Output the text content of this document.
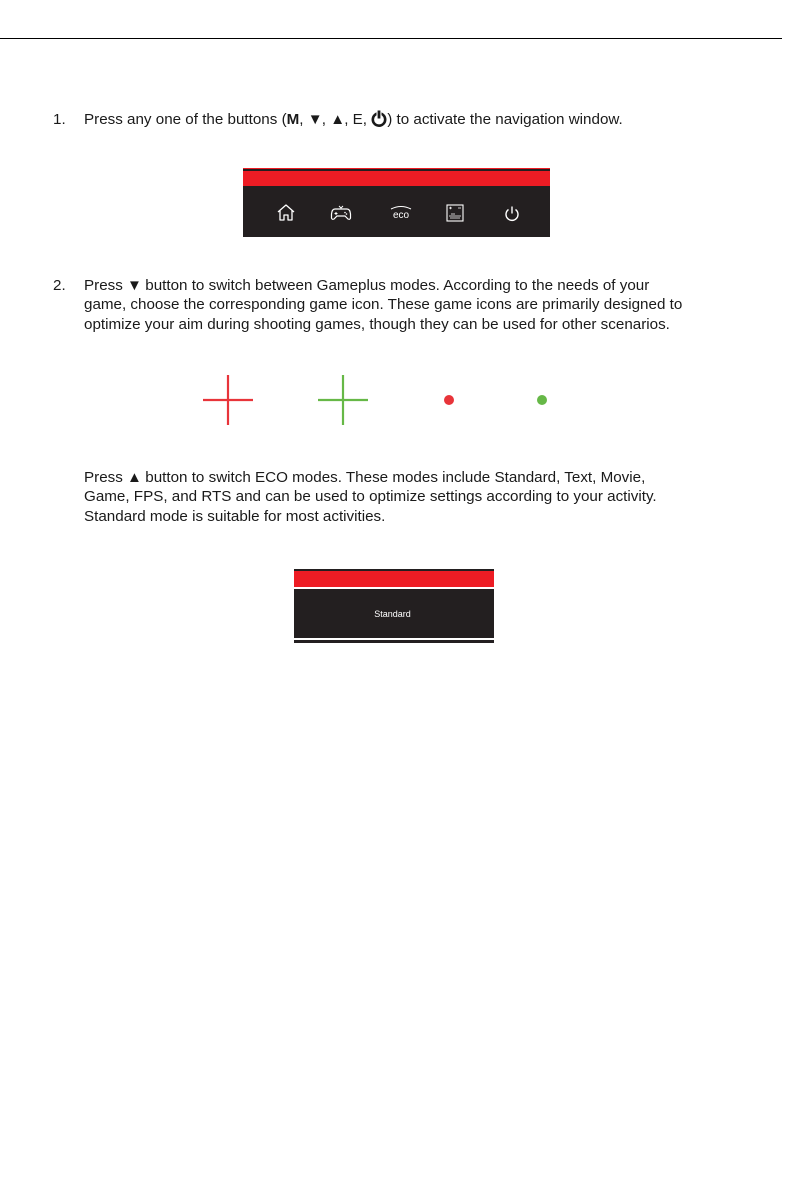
1. Press any one of the buttons (M, ▼, ▲, E, ) to activate the navigation window.
eco
2. Press ▼ button to switch between Gameplus modes. According to the needs of your
game, choose the corresponding game icon. These game icons are primarily designed to
optimize your aim during shooting games, though they can be used for other scenarios.
Press ▲ button to switch ECO modes. These modes include Standard, Text, Movie,
Game, FPS, and RTS and can be used to optimize settings according to your activity.
Standard mode is suitable for most activities.
Standard
